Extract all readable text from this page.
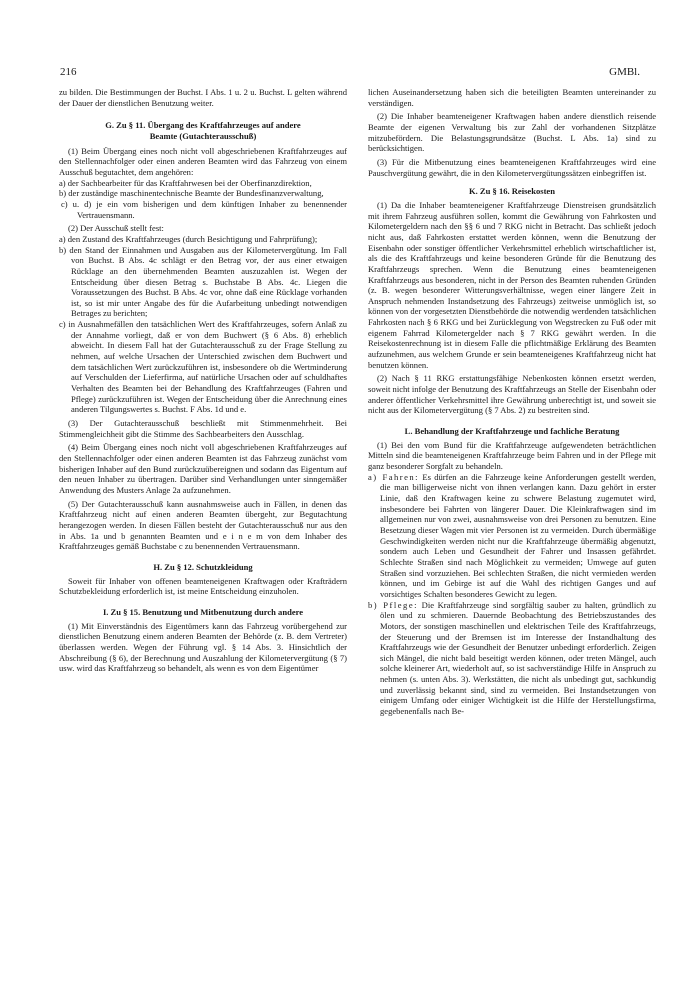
216	GMBl.

zu bilden. Die Bestimmungen der Buchst. I Abs. 1 u. 2 u. Buchst. L gelten während der Dauer der dienstlichen Benutzung weiter.

G. Zu § 11. Übergang des Kraftfahrzeuges auf andere
Beamte (Gutachterausschuß)

(1) Beim Übergang eines noch nicht voll abgeschriebenen Kraftfahrzeuges auf den Stellennachfolger oder einen anderen Beamten wird das Fahrzeug von einem Ausschuß begutachtet, dem angehören:

a) der Sachbearbeiter für das Kraftfahrwesen bei der Oberfinanzdirektion,

b) der zuständige maschinentechnische Beamte der Bundesfinanzverwaltung,

c) u. d) je ein vom bisherigen und dem künftigen Inhaber zu benennender Vertrauensmann.

(2) Der Ausschuß stellt fest:

a) den Zustand des Kraftfahrzeuges (durch Besichtigung und Fahrprüfung);

b) den Stand der Einnahmen und Ausgaben aus der Kilometervergütung. Im Fall von Buchst. B Abs. 4c schlägt er den Betrag vor, der aus einer etwaigen Rücklage an den übernehmenden Beamten auszuzahlen ist. Wegen der Entscheidung über diesen Betrag s. Buchstabe B Abs. 4c. Liegen die Voraussetzungen des Buchst. B Abs. 4c vor, ohne daß eine Rücklage vorhanden ist, so ist mir unter Angabe des für die Aufarbeitung unbedingt notwendigen Betrages zu berichten;

c) in Ausnahmefällen den tatsächlichen Wert des Kraftfahrzeuges, sofern Anlaß zu der Annahme vorliegt, daß er von dem Buchwert (§ 6 Abs. 8) erheblich abweicht. In diesem Fall hat der Gutachterausschuß zu der Frage Stellung zu nehmen, auf welche Ursachen der Unterschied zwischen dem Buchwert und dem tatsächlichen Wert zurückzuführen ist, insbesondere ob die Wertminderung auf Verschulden der Lieferfirma, auf natürliche Ursachen oder auf schuldhaftes Verhalten des Beamten bei der Behandlung des Kraftfahrzeuges (Fahren und Pflege) zurückzuführen ist. Wegen der Entscheidung über die Anrechnung eines anderen Tilgungswertes s. Buchst. F Abs. 1d und e.

(3) Der Gutachterausschuß beschließt mit Stimmenmehrheit. Bei Stimmengleichheit gibt die Stimme des Sachbearbeiters den Ausschlag.

(4) Beim Übergang eines noch nicht voll abgeschriebenen Kraftfahrzeuges auf den Stellennachfolger oder einen anderen Beamten ist das Fahrzeug zunächst vom bisherigen Inhaber auf den Bund zurückzuübereignen und sodann das Eigentum auf den neuen Inhaber zu übertragen. Darüber sind Verhandlungen unter sinngemäßer Anwendung des Musters Anlage 2a aufzunehmen.

(5) Der Gutachterausschuß kann ausnahmsweise auch in Fällen, in denen das Kraftfahrzeug nicht auf einen anderen Beamten übergeht, zur Begutachtung herangezogen werden. In diesen Fällen besteht der Gutachterausschuß nur aus den in Abs. 1a und b genannten Beamten und e i n e m von dem Inhaber des Kraftfahrzeuges gemäß Buchstabe c zu benennenden Vertrauensmann.

H. Zu § 12. Schutzkleidung

Soweit für Inhaber von offenen beamteneigenen Kraftwagen oder Krafträdern Schutzbekleidung erforderlich ist, ist meine Entscheidung einzuholen.

I. Zu § 15. Benutzung und Mitbenutzung durch andere

(1) Mit Einverständnis des Eigentümers kann das Fahrzeug vorübergehend zur dienstlichen Benutzung einem anderen Beamten der Behörde (z. B. dem Vertreter) überlassen werden. Wegen der Führung vgl. § 14 Abs. 3. Hinsichtlich der Abschreibung (§ 6), der Berechnung und Auszahlung der Kilometervergütung (§ 7) usw. wird das Kraftfahrzeug so behandelt, als wenn es von dem Eigentümer

lichen Auseinandersetzung haben sich die beteiligten Beamten untereinander zu verständigen.

(2) Die Inhaber beamteneigener Kraftwagen haben andere dienstlich reisende Beamte der eigenen Verwaltung bis zur Zahl der vorhandenen Sitzplätze mitzubefördern. Die Belastungsgrundsätze (Buchst. L Abs. 1a) sind zu berücksichtigen.

(3) Für die Mitbenutzung eines beamteneigenen Kraftfahrzeuges wird eine Pauschvergütung gewährt, die in den Kilometervergütungssätzen einbegriffen ist.

K. Zu § 16. Reisekosten

(1) Da die Inhaber beamteneigener Kraftfahrzeuge Dienstreisen grundsätzlich mit ihrem Fahrzeug ausführen sollen, kommt die Gewährung von Fahrkosten und Kilometergeldern nach den §§ 6 und 7 RKG nicht in Betracht. Das schließt jedoch nicht aus, daß Fahrkosten erstattet werden können, wenn die Benutzung der Eisenbahn oder sonstiger öffentlicher Verkehrsmittel erheblich wirtschaftlicher ist, als die des Kraftfahrzeugs und keine besonderen Gründe für die Benutzung des Kraftfahrzeugs sprechen. Wenn die Benutzung eines beamteneigenen Kraftfahrzeugs aus besonderen, nicht in der Person des Beamten ruhenden Gründen (z. B. wegen besonderer Witterungsverhältnisse, wegen einer längere Zeit in Anspruch nehmenden Instandsetzung des Fahrzeugs) zeitweise unmöglich ist, so können von der vorgesetzten Dienstbehörde die notwendig werdenden tatsächlichen Fahrkosten nach § 6 RKG und bei Zurücklegung von Wegstrecken zu Fuß oder mit eigenem Fahrrad Kilometergelder nach § 7 RKG gewährt werden. In die Reisekostenrechnung ist in diesem Falle die pflichtmäßige Erklärung des Beamten aufzunehmen, aus welchem Grunde er sein beamteneigenes Kraftfahrzeug nicht hat benutzen können.

(2) Nach § 11 RKG erstattungsfähige Nebenkosten können ersetzt werden, soweit nicht infolge der Benutzung des Kraftfahrzeugs an Stelle der Eisenbahn oder anderer öffentlicher Verkehrsmittel ihre Gewährung unberechtigt ist, und soweit sie nicht aus der Kilometervergütung (§ 7 Abs. 2) zu bestreiten sind.

L. Behandlung der Kraftfahrzeuge und fachliche Beratung

(1) Bei den vom Bund für die Kraftfahrzeuge aufgewendeten beträchtlichen Mitteln sind die beamteneigenen Kraftfahrzeuge beim Fahren und in der Pflege mit ganz besonderer Sorgfalt zu behandeln.

a) Fahren: Es dürfen an die Fahrzeuge keine Anforderungen gestellt werden, die man billigerweise nicht von ihnen verlangen kann. Dazu gehört in erster Linie, daß den Kraftwagen keine zu schwere Belastung zugemutet wird, insbesondere bei Fahrten von längerer Dauer. Die Kleinkraftwagen sind im allgemeinen nur von zwei, ausnahmsweise von drei Personen zu benutzen. Eine Besetzung dieser Wagen mit vier Personen ist zu vermeiden. Durch übermäßige Geschwindigkeiten werden nicht nur die Kraftfahrzeuge übermäßig abgenutzt, sondern auch Leben und Gesundheit der Fahrer und Insassen gefährdet. Schlechte Straßen sind nach Möglichkeit zu vermeiden; Umwege auf guten Straßen sind vorzuziehen. Bei schlechten Straßen, die nicht vermieden werden können, und im Gebirge ist auf die Wahl des richtigen Ganges und auf vorsichtiges Schalten besonderes Gewicht zu legen.

b) Pflege: Die Kraftfahrzeuge sind sorgfältig sauber zu halten, gründlich zu ölen und zu schmieren. Dauernde Beobachtung des Betriebszustandes des Motors, der sonstigen maschinellen und elektrischen Teile des Kraftfahrzeugs, der Steuerung und der Bremsen ist im Interesse der Instandhaltung des Kraftfahrzeugs wie der Gesundheit der Benutzer unbedingt erforderlich. Zeigen sich Mängel, die nicht bald beseitigt werden können, oder treten Mängel, auch solche kleinerer Art, wiederholt auf, so ist sachverständige Hilfe in Anspruch zu nehmen (s. unten Abs. 3). Werkstätten, die nicht als unbedingt gut, sachkundig und zuverlässig bekannt sind, sind zu vermeiden. Bei Instandsetzungen von einigem Umfang oder einiger Wichtigkeit ist die Hilfe der Herstellungsfirma, gegebenenfalls nach Be-
